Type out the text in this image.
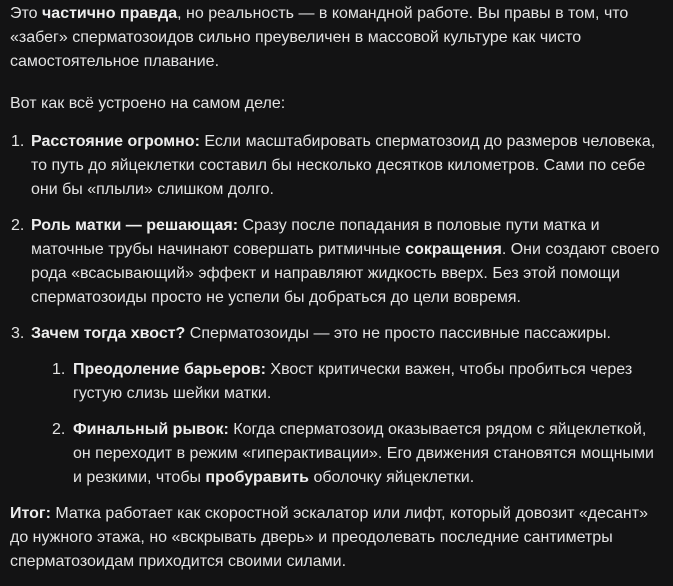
Это частично правда, но реальность — в командной работе. Вы правы в том, что «забег» сперматозоидов сильно преувеличен в массовой культуре как чисто самостоятельное плавание.

Вот как всё устроено на самом деле:

1. Расстояние огромно: Если масштабировать сперматозоид до размеров человека, то путь до яйцеклетки составил бы несколько десятков километров. Сами по себе они бы «плыли» слишком долго.
2. Роль матки — решающая: Сразу после попадания в половые пути матка и маточные трубы начинают совершать ритмичные сокращения. Они создают своего рода «всасывающий» эффект и направляют жидкость вверх. Без этой помощи сперматозоиды просто не успели бы добраться до цели вовремя.
3. Зачем тогда хвост? Сперматозоиды — это не просто пассивные пассажиры.
1. Преодоление барьеров: Хвост критически важен, чтобы пробиться через густую слизь шейки матки.
2. Финальный рывок: Когда сперматозоид оказывается рядом с яйцеклеткой, он переходит в режим «гиперактивации». Его движения становятся мощными и резкими, чтобы пробуравить оболочку яйцеклетки.

Итог: Матка работает как скоростной эскалатор или лифт, который довозит «десант» до нужного этажа, но «вскрывать дверь» и преодолевать последние сантиметры сперматозоидам приходится своими силами.
